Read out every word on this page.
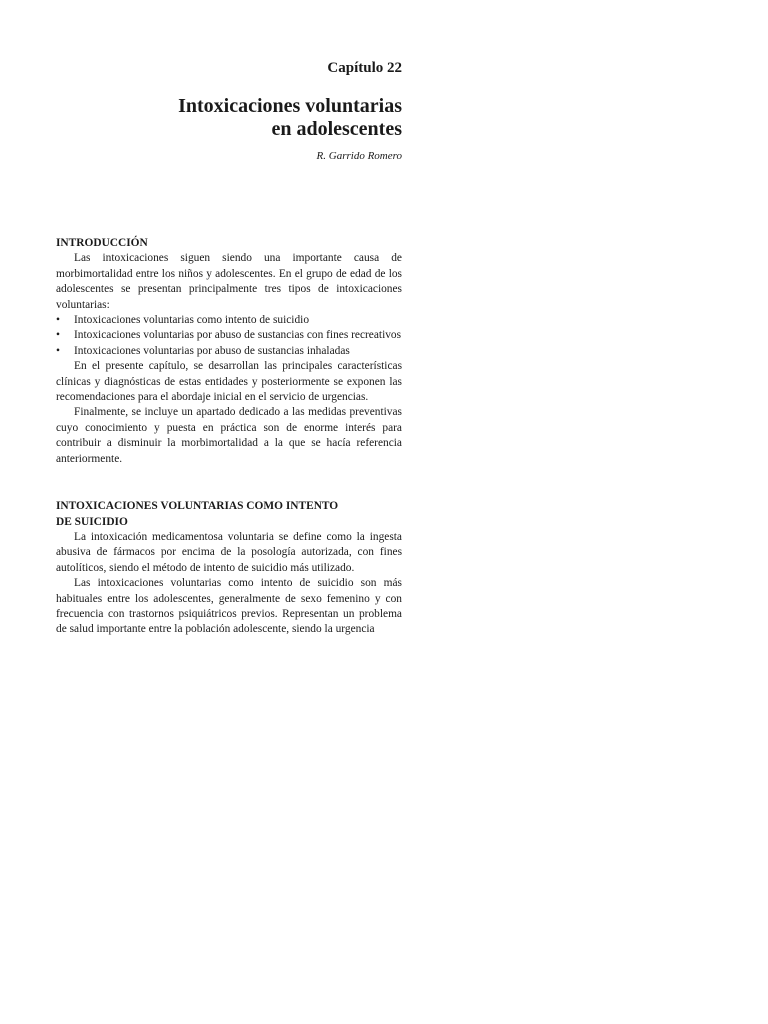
Capítulo 22
Intoxicaciones voluntarias
en adolescentes
R. Garrido Romero

INTRODUCCIÓN

Las intoxicaciones siguen siendo una importante causa de morbimortalidad entre los niños y adolescentes. En el grupo de edad de los adolescentes se presentan principalmente tres tipos de intoxicaciones voluntarias:

• Intoxicaciones voluntarias como intento de suicidio
• Intoxicaciones voluntarias por abuso de sustancias con fines recreativos
• Intoxicaciones voluntarias por abuso de sustancias inhaladas

En el presente capítulo, se desarrollan las principales características clínicas y diagnósticas de estas entidades y posteriormente se exponen las recomendaciones para el abordaje inicial en el servicio de urgencias.

Finalmente, se incluye un apartado dedicado a las medidas preventivas cuyo conocimiento y puesta en práctica son de enorme interés para contribuir a disminuir la morbimortalidad a la que se hacía referencia anteriormente.

INTOXICACIONES VOLUNTARIAS COMO INTENTO
DE SUICIDIO

La intoxicación medicamentosa voluntaria se define como la ingesta abusiva de fármacos por encima de la posología autorizada, con fines autolíticos, siendo el método de intento de suicidio más utilizado.

Las intoxicaciones voluntarias como intento de suicidio son más habituales entre los adolescentes, generalmente de sexo femenino y con frecuencia con trastornos psiquiátricos previos. Representan un problema de salud importante entre la población adolescente, siendo la urgencia
